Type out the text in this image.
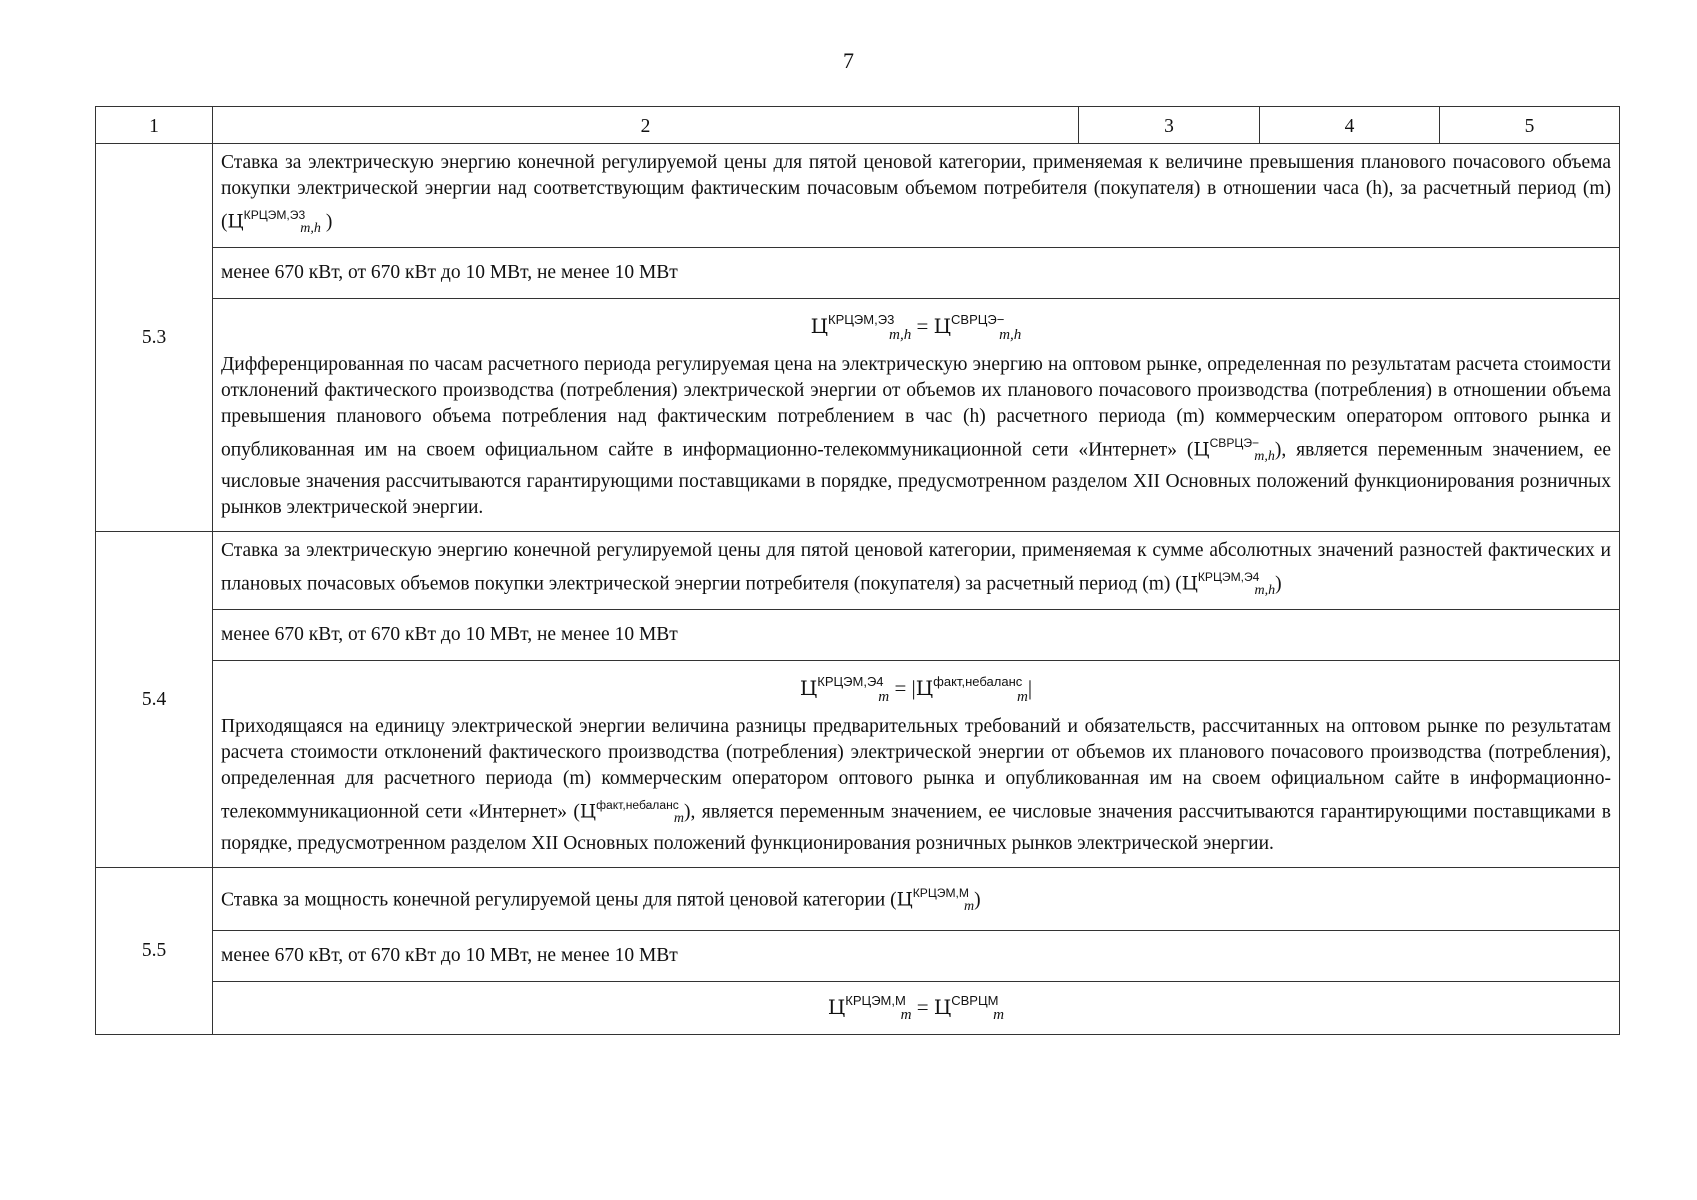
7
1	2	3	4	5
5.3	Ставка за электрическую энергию конечной регулируемой цены для пятой ценовой категории, применяемая к величине превышения планового почасового объема покупки электрической энергии над соответствующим фактическим почасовым объемом потребителя (покупателя) в отношении часа (h), за расчетный период (m) ($Ц^{КРЦЭМ,Э3}_{m,h}$ )			
	менее 670 кВт, от 670 кВт до 10 МВт, не менее 10 МВт			

	$Ц^{КРЦЭМ,Э3}_{m,h} = Ц^{СВРЦЭ-}_{m,h}$
Дифференцированная по часам расчетного периода регулируемая цена на электрическую энергию на оптовом рынке, определенная по результатам расчета стоимости отклонений фактического производства (потребления) электрической энергии от объемов их планового почасового производства (потребления) в отношении объема превышения планового объема потребления над фактическим потреблением в час (h) расчетного периода (m) коммерческим оператором оптового рынка и опубликованная им на своем официальном сайте в информационно-телекоммуникационной сети «Интернет» $(Ц^{СВРЦЭ-}_{m,h})$, является переменным значением, ее числовые значения рассчитываются гарантирующими поставщиками в порядке, предусмотренном разделом XII Основных положений функционирования розничных рынков электрической энергии.			

5.4	Ставка за электрическую энергию конечной регулируемой цены для пятой ценовой категории, применяемая к сумме абсолютных значений разностей фактических и плановых почасовых объемов покупки электрической энергии потребителя (покупателя) за расчетный период (m) $(Ц^{КРЦЭМ,Э4}_{m,h})$			
	менее 670 кВт, от 670 кВт до 10 МВт, не менее 10 МВт			

	$Ц^{КРЦЭМ,Э4}_m = |Ц^{факт,небаланс}_m|$
Приходящаяся на единицу электрической энергии величина разницы предварительных требований и обязательств, рассчитанных на оптовом рынке по результатам расчета стоимости отклонений фактического производства (потребления) электрической энергии от объемов их планового почасового производства (потребления), определенная для расчетного периода (m) коммерческим оператором оптового рынка и опубликованная им на своем официальном сайте в информационно-телекоммуникационной сети «Интернет» $(Ц^{факт,небаланс}_m)$, является переменным значением, ее числовые значения рассчитываются гарантирующими поставщиками в порядке, предусмотренном разделом XII Основных положений функционирования розничных рынков электрической энергии.			

5.5	Ставка за мощность конечной регулируемой цены для пятой ценовой категории $(Ц^{КРЦЭМ,М}_m)$			
	менее 670 кВт, от 670 кВт до 10 МВт, не менее 10 МВт			
	$Ц^{КРЦЭМ,М}_m = Ц^{СВРЦМ}_m$
